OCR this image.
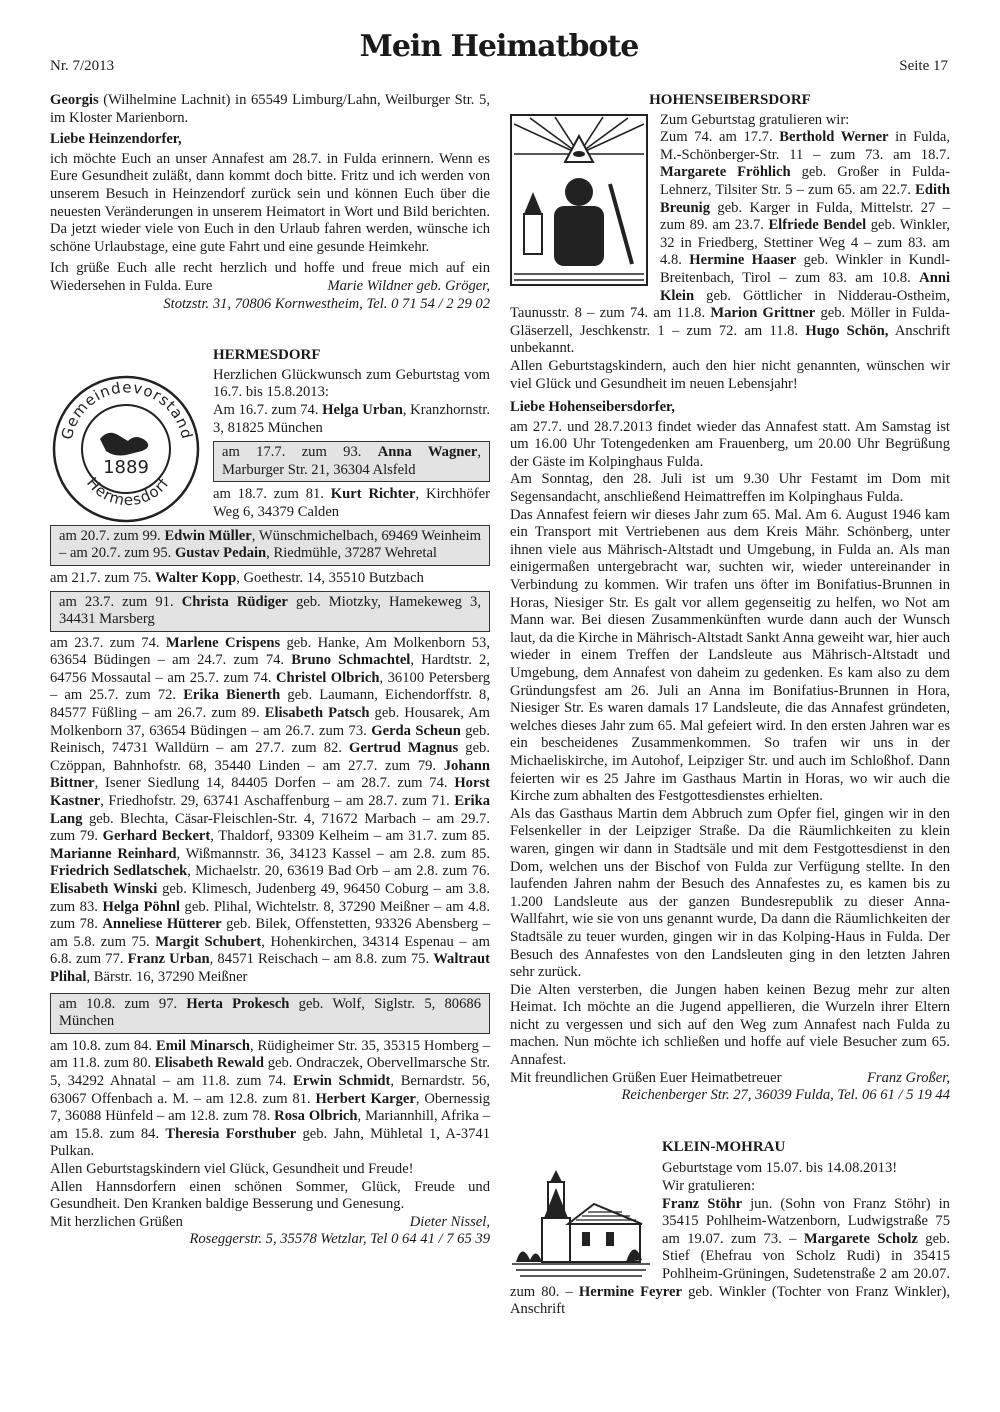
Nr. 7/2013
Mein Heimatbote
Seite 17

Georgis (Wilhelmine Lachnit) in 65549 Limburg/Lahn, Weilburger Str. 5, im Kloster Marienborn.

Liebe Heinzendorfer,

ich möchte Euch an unser Annafest am 28.7. in Fulda erinnern. Wenn es Eure Gesundheit zuläßt, dann kommt doch bitte. Fritz und ich werden von unserem Besuch in Heinzendorf zurück sein und können Euch über die neuesten Veränderungen in unserem Heimatort in Wort und Bild berichten. Da jetzt wieder viele von Euch in den Urlaub fahren werden, wünsche ich schöne Urlaubstage, eine gute Fahrt und eine gesunde Heimkehr.

Ich grüße Euch alle recht herzlich und hoffe und freue mich auf ein Wiedersehen in Fulda. Eure	Marie Wildner geb. Gröger,

Stotzstr. 31, 70806 Kornwestheim, Tel. 0 71 54 / 2 29 02

HERMESDORF

Gemeindevorstand
Hermesdorf
1889

Herzlichen Glückwunsch zum Geburtstag vom 16.7. bis 15.8.2013:

Am 16.7. zum 74. Helga Urban, Kranzhornstr. 3, 81825 München

am 17.7. zum 93. Anna Wagner, Marburger Str. 21, 36304 Alsfeld

am 18.7. zum 81. Kurt Richter, Kirchhöfer Weg 6, 34379 Calden

am 20.7. zum 99. Edwin Müller, Wünschmichelbach, 69469 Weinheim – am 20.7. zum 95. Gustav Pedain, Riedmühle, 37287 Wehretal

am 21.7. zum 75. Walter Kopp, Goethestr. 14, 35510 Butzbach

am 23.7. zum 91. Christa Rüdiger geb. Miotzky, Hamekeweg 3, 34431 Marsberg

am 23.7. zum 74. Marlene Crispens geb. Hanke, Am Molkenborn 53, 63654 Büdingen – am 24.7. zum 74. Bruno Schmachtel, Hardtstr. 2, 64756 Mossautal – am 25.7. zum 74. Christel Olbrich, 36100 Petersberg – am 25.7. zum 72. Erika Bienerth geb. Laumann, Eichendorffstr. 8, 84577 Füßling – am 26.7. zum 89. Elisabeth Patsch geb. Housarek, Am Molkenborn 37, 63654 Büdingen – am 26.7. zum 73. Gerda Scheun geb. Reinisch, 74731 Walldürn – am 27.7. zum 82. Gertrud Magnus geb. Czöppan, Bahnhofstr. 68, 35440 Linden – am 27.7. zum 79. Johann Bittner, Isener Siedlung 14, 84405 Dorfen – am 28.7. zum 74. Horst Kastner, Friedhofstr. 29, 63741 Aschaffenburg – am 28.7. zum 71. Erika Lang geb. Blechta, Cäsar-Fleischlen-Str. 4, 71672 Marbach – am 29.7. zum 79. Gerhard Beckert, Thaldorf, 93309 Kelheim – am 31.7. zum 85. Marianne Reinhard, Wißmannstr. 36, 34123 Kassel – am 2.8. zum 85. Friedrich Sedlatschek, Michaelstr. 20, 63619 Bad Orb – am 2.8. zum 76. Elisabeth Winski geb. Klimesch, Judenberg 49, 96450 Coburg – am 3.8. zum 83. Helga Pöhnl geb. Plihal, Wichtelstr. 8, 37290 Meißner – am 4.8. zum 78. Anneliese Hütterer geb. Bilek, Offenstetten, 93326 Abensberg – am 5.8. zum 75. Margit Schubert, Hohenkirchen, 34314 Espenau – am 6.8. zum 77. Franz Urban, 84571 Reischach – am 8.8. zum 75. Waltraut Plihal, Bärstr. 16, 37290 Meißner

am 10.8. zum 97. Herta Prokesch geb. Wolf, Siglstr. 5, 80686 München

am 10.8. zum 84. Emil Minarsch, Rüdigheimer Str. 35, 35315 Homberg – am 11.8. zum 80. Elisabeth Rewald geb. Ondraczek, Obervellmarsche Str. 5, 34292 Ahnatal – am 11.8. zum 74. Erwin Schmidt, Bernardstr. 56, 63067 Offenbach a. M. – am 12.8. zum 81. Herbert Karger, Obernessig 7, 36088 Hünfeld – am 12.8. zum 78. Rosa Olbrich, Mariannhill, Afrika – am 15.8. zum 84. Theresia Forsthuber geb. Jahn, Mühletal 1, A-3741 Pulkan.

Allen Geburtstagskindern viel Glück, Gesundheit und Freude!

Allen Hannsdorfern einen schönen Sommer, Glück, Freude und Gesundheit. Den Kranken baldige Besserung und Genesung.

Mit herzlichen Grüßen	Dieter Nissel,

Roseggerstr. 5, 35578 Wetzlar, Tel 0 64 41 / 7 65 39

HOHENSEIBERSDORF

Zum Geburtstag gratulieren wir:

Zum 74. am 17.7. Berthold Werner in Fulda, M.-Schönberger-Str. 11 – zum 73. am 18.7. Margarete Fröhlich geb. Großer in Fulda-Lehnerz, Tilsiter Str. 5 – zum 65. am 22.7. Edith Breunig geb. Karger in Fulda, Mittelstr. 27 – zum 89. am 23.7. Elfriede Bendel geb. Winkler, 32 in Friedberg, Stettiner Weg 4 – zum 83. am 4.8. Hermine Haaser geb. Winkler in Kundl-Breitenbach, Tirol – zum 83. am 10.8. Anni Klein geb. Göttlicher in Nidderau-Ostheim, Taunusstr. 8 – zum 74. am 11.8. Marion Grittner geb. Möller in Fulda-Gläserzell, Jeschkenstr. 1 – zum 72. am 11.8. Hugo Schön, Anschrift unbekannt.

Allen Geburtstagskindern, auch den hier nicht genannten, wünschen wir viel Glück und Gesundheit im neuen Lebensjahr!

Liebe Hohenseibersdorfer,

am 27.7. und 28.7.2013 findet wieder das Annafest statt. Am Samstag ist um 16.00 Uhr Totengedenken am Frauenberg, um 20.00 Uhr Begrüßung der Gäste im Kolpinghaus Fulda.

Am Sonntag, den 28. Juli ist um 9.30 Uhr Festamt im Dom mit Segensandacht, anschließend Heimattreffen im Kolpinghaus Fulda.

Das Annafest feiern wir dieses Jahr zum 65. Mal. Am 6. August 1946 kam ein Transport mit Vertriebenen aus dem Kreis Mähr. Schönberg, unter ihnen viele aus Mährisch-Altstadt und Umgebung, in Fulda an. Als man einigermaßen untergebracht war, suchten wir, wieder untereinander in Verbindung zu kommen. Wir trafen uns öfter im Bonifatius-Brunnen in Horas, Niesiger Str. Es galt vor allem gegenseitig zu helfen, wo Not am Mann war. Bei diesen Zusammenkünften wurde dann auch der Wunsch laut, da die Kirche in Mährisch-Altstadt Sankt Anna geweiht war, hier auch wieder in einem Treffen der Landsleute aus Mährisch-Altstadt und Umgebung, dem Annafest von daheim zu gedenken. Es kam also zu dem Gründungsfest am 26. Juli an Anna im Bonifatius-Brunnen in Hora, Niesiger Str. Es waren damals 17 Landsleute, die das Annafest gründeten, welches dieses Jahr zum 65. Mal gefeiert wird. In den ersten Jahren war es ein bescheidenes Zusammenkommen. So trafen wir uns in der Michaeliskirche, im Autohof, Leipziger Str. und auch im Schloßhof. Dann feierten wir es 25 Jahre im Gasthaus Martin in Horas, wo wir auch die Kirche zum abhalten des Festgottesdienstes erhielten.

Als das Gasthaus Martin dem Abbruch zum Opfer fiel, gingen wir in den Felsenkeller in der Leipziger Straße. Da die Räumlichkeiten zu klein waren, gingen wir dann in Stadtsäle und mit dem Festgottesdienst in den Dom, welchen uns der Bischof von Fulda zur Verfügung stellte. In den laufenden Jahren nahm der Besuch des Annafestes zu, es kamen bis zu 1.200 Landsleute aus der ganzen Bundesrepublik zu dieser Anna-Wallfahrt, wie sie von uns genannt wurde, Da dann die Räumlichkeiten der Stadtsäle zu teuer wurden, gingen wir in das Kolping-Haus in Fulda. Der Besuch des Annafestes von den Landsleuten ging in den letzten Jahren sehr zurück.

Die Alten versterben, die Jungen haben keinen Bezug mehr zur alten Heimat. Ich möchte an die Jugend appellieren, die Wurzeln ihrer Eltern nicht zu vergessen und sich auf den Weg zum Annafest nach Fulda zu machen. Nun möchte ich schließen und hoffe auf viele Besucher zum 65. Annafest.

Mit freundlichen Grüßen Euer Heimatbetreuer	Franz Großer,

Reichenberger Str. 27, 36039 Fulda, Tel. 06 61 / 5 19 44

KLEIN-MOHRAU

Geburtstage vom 15.07. bis 14.08.2013!

Wir gratulieren:

Franz Stöhr jun. (Sohn von Franz Stöhr) in 35415 Pohlheim-Watzenborn, Ludwigstraße 75 am 19.07. zum 73. – Margarete Scholz geb. Stief (Ehefrau von Scholz Rudi) in 35415 Pohlheim-Grüningen, Sudetenstraße 2 am 20.07. zum 80. – Hermine Feyrer geb. Winkler (Tochter von Franz Winkler), Anschrift
